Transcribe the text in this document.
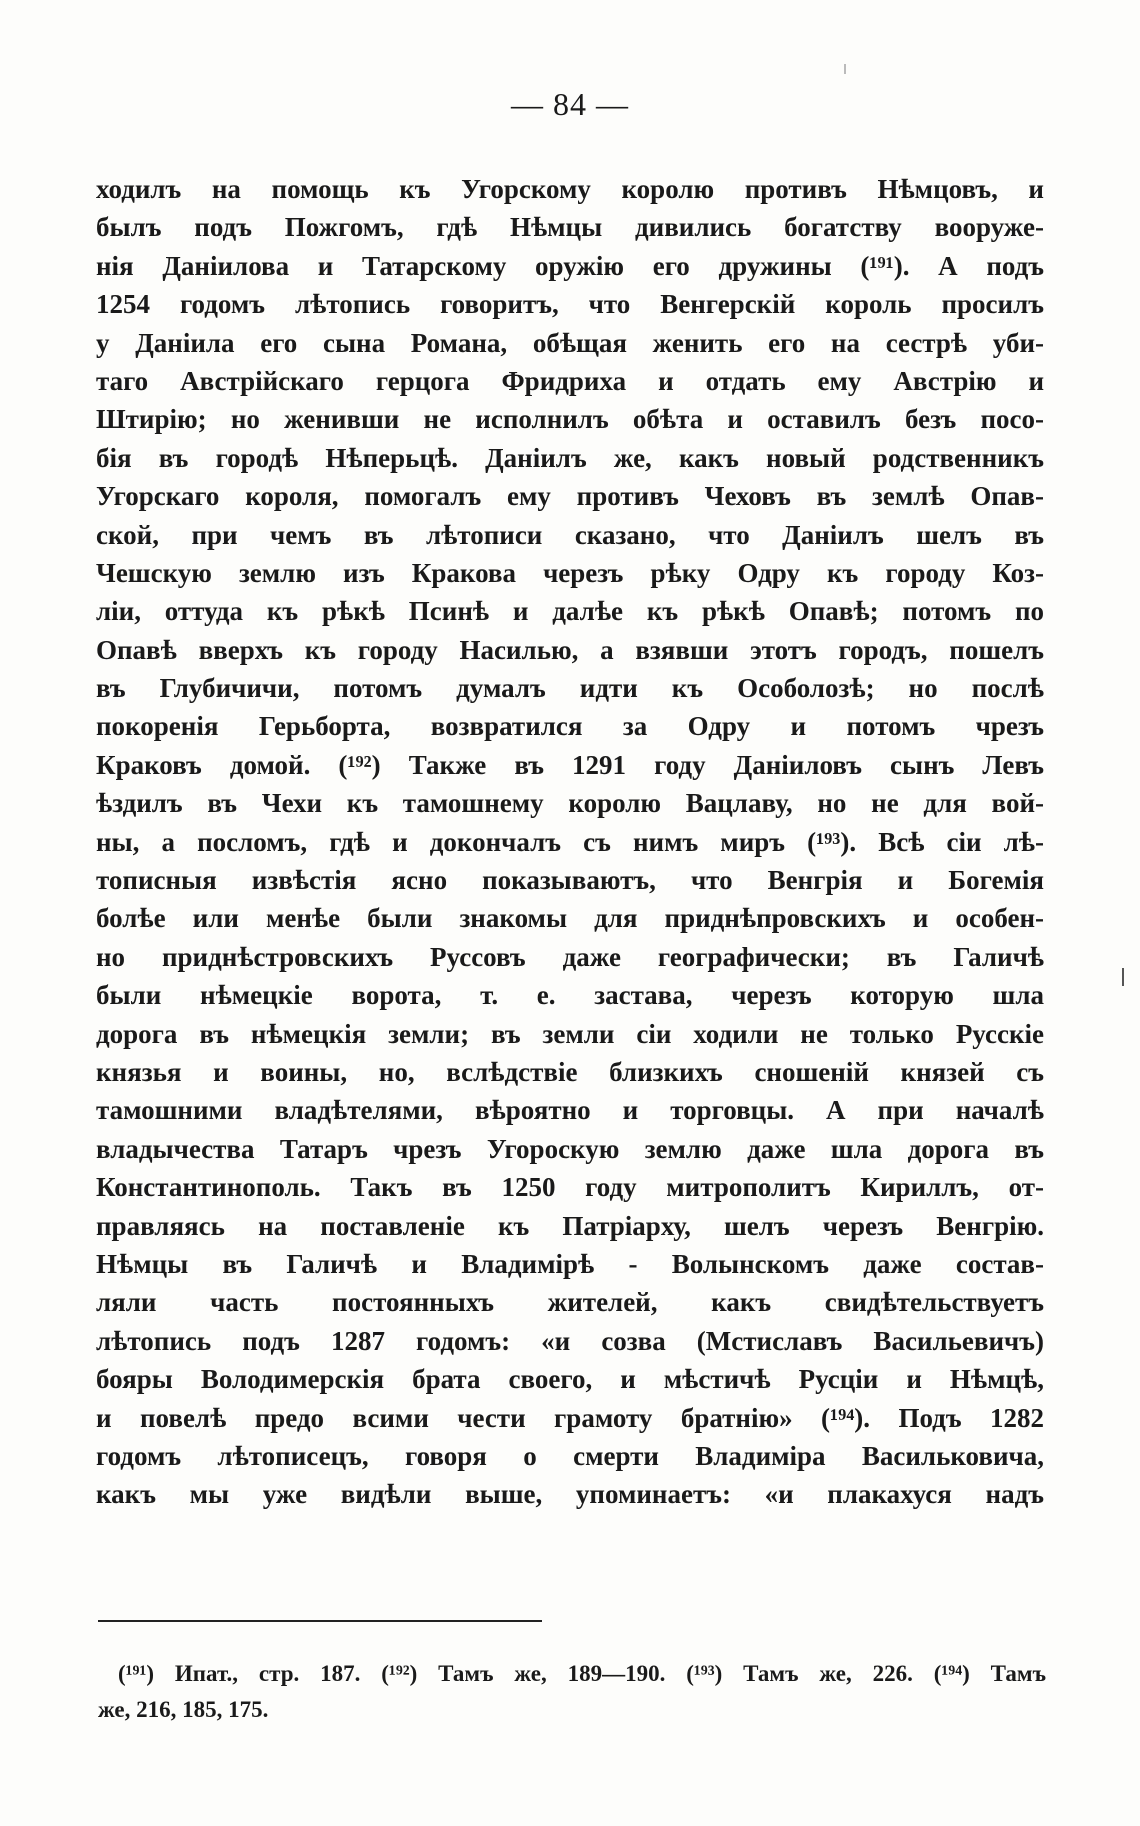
— 84 —
ходилъ на помощь къ Угорскому королю противъ Нѣмцовъ, и
былъ подъ Пожгомъ, гдѣ Нѣмцы дивились богатству вооруже-
нія Даніилова и Татарскому оружію его дружины (¹⁹¹). А подъ
1254 годомъ лѣтопись говоритъ, что Венгерскій король просилъ
у Даніила его сына Романа, обѣщая женить его на сестрѣ уби-
таго Австрійскаго герцога Фридриха и отдать ему Австрію и
Штирію; но женивши не исполнилъ обѣта и оставилъ безъ посо-
бія въ городѣ Нѣперьцѣ. Даніилъ же, какъ новый родственникъ
Угорскаго короля, помогалъ ему противъ Чеховъ въ землѣ Опав-
ской, при чемъ въ лѣтописи сказано, что Даніилъ шелъ въ
Чешскую землю изъ Кракова черезъ рѣку Одру къ городу Коз-
ліи, оттуда къ рѣкѣ Псинѣ и далѣе къ рѣкѣ Опавѣ; потомъ по
Опавѣ вверхъ къ городу Насилью, а взявши этотъ городъ, пошелъ
въ Глубичичи, потомъ думалъ идти къ Особолозѣ; но послѣ
покоренія Герьборта, возвратился за Одру и потомъ чрезъ
Краковъ домой. (¹⁹²) Также въ 1291 году Даніиловъ сынъ Левъ
ѣздилъ въ Чехи къ тамошнему королю Вацлаву, но не для вой-
ны, а посломъ, гдѣ и докончалъ съ нимъ миръ (¹⁹³). Всѣ сіи лѣ-
тописныя извѣстія ясно показываютъ, что Венгрія и Богемія
болѣе или менѣе были знакомы для приднѣпровскихъ и особен-
но приднѣстровскихъ Руссовъ даже географически; въ Галичѣ
были нѣмецкіе ворота, т. е. застава, черезъ которую шла
дорога въ нѣмецкія земли; въ земли сіи ходили не только Русскіе
князья и воины, но, вслѣдствіе близкихъ сношеній князей съ
тамошними владѣтелями, вѣроятно и торговцы. А при началѣ
владычества Татаръ чрезъ Угороскую землю даже шла дорога въ
Константинополь. Такъ въ 1250 году митрополитъ Кириллъ, от-
правляясь на поставленіе къ Патріарху, шелъ черезъ Венгрію.
Нѣмцы въ Галичѣ и Владимірѣ - Волынскомъ даже состав-
ляли часть постоянныхъ жителей, какъ свидѣтельствуетъ
лѣтопись подъ 1287 годомъ: «и созва (Мстиславъ Васильевичъ)
бояры Володимерскія брата своего, и мѣстичѣ Русціи и Нѣмцѣ,
и повелѣ предо всими чести грамоту братнію» (¹⁹⁴). Подъ 1282
годомъ лѣтописецъ, говоря о смерти Владиміра Васильковича,
какъ мы уже видѣли выше, упоминаетъ: «и плакахуся надъ
(¹⁹¹) Ипат., стр. 187. (¹⁹²) Тамъ же, 189—190. (¹⁹³) Тамъ же, 226. (¹⁹⁴) Тамъ
же, 216, 185, 175.
